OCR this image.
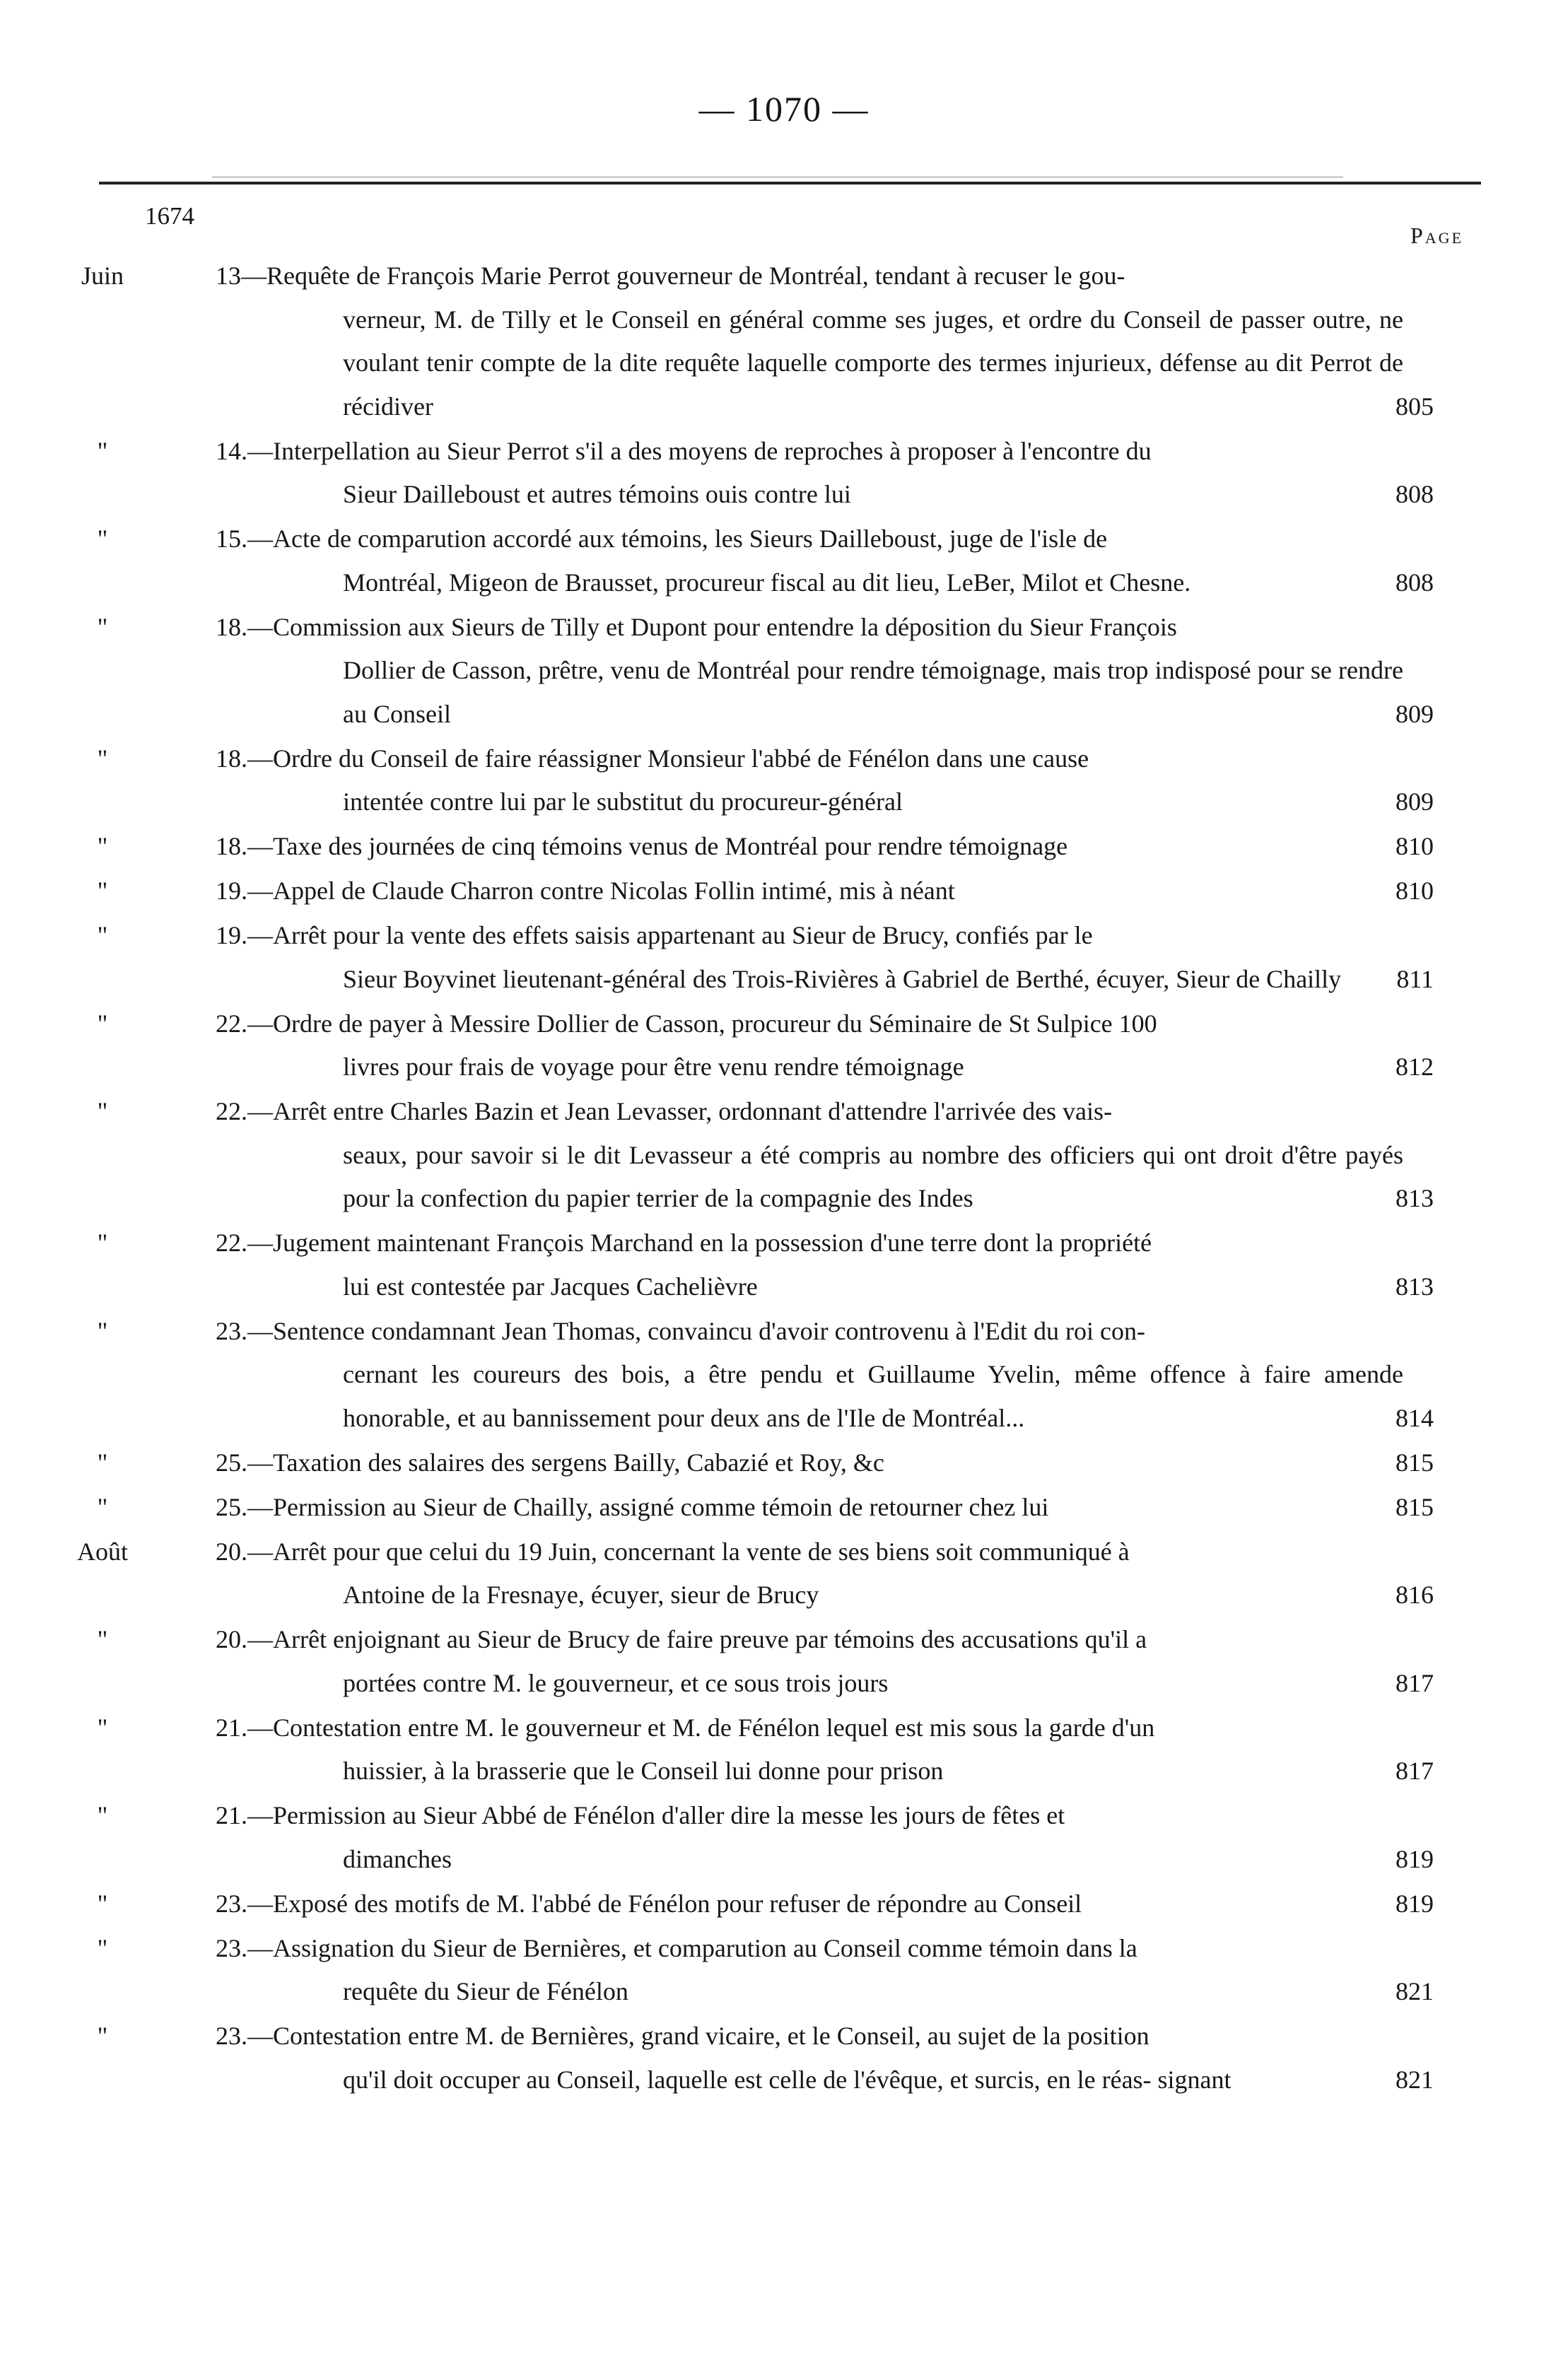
— 1070 —
1674
Page
Juin	13—Requête de François Marie Perrot gouverneur de Montréal, tendant à recuser le gou-
verneur, M. de Tilly et le Conseil en général comme ses juges, et ordre du Conseil de passer outre, ne voulant tenir compte de la dite requête laquelle comporte des termes injurieux, défense au dit Perrot de récidiver	805
"	14.—Interpellation au Sieur Perrot s'il a des moyens de reproches à proposer à l'encontre du
Sieur Dailleboust et autres témoins ouis contre lui	808
"	15.—Acte de comparution accordé aux témoins, les Sieurs Dailleboust, juge de l'isle de
Montréal, Migeon de Brausset, procureur fiscal au dit lieu, LeBer, Milot et Chesne.	808
"	18.—Commission aux Sieurs de Tilly et Dupont pour entendre la déposition du Sieur François
Dollier de Casson, prêtre, venu de Montréal pour rendre témoignage, mais trop indisposé pour se rendre au Conseil	809
"	18.—Ordre du Conseil de faire réassigner Monsieur l'abbé de Fénélon dans une cause
intentée contre lui par le substitut du procureur-général	809
"	18.—Taxe des journées de cinq témoins venus de Montréal pour rendre témoignage	810
"	19.—Appel de Claude Charron contre Nicolas Follin intimé, mis à néant	810
"	19.—Arrêt pour la vente des effets saisis appartenant au Sieur de Brucy, confiés par le
Sieur Boyvinet lieutenant-général des Trois-Rivières à Gabriel de Berthé, écuyer, Sieur de Chailly	811
"	22.—Ordre de payer à Messire Dollier de Casson, procureur du Séminaire de St Sulpice 100
livres pour frais de voyage pour être venu rendre témoignage	812
"	22.—Arrêt entre Charles Bazin et Jean Levasser, ordonnant d'attendre l'arrivée des vais-
seaux, pour savoir si le dit Levasseur a été compris au nombre des officiers qui ont droit d'être payés pour la confection du papier terrier de la compagnie des Indes	813
"	22.—Jugement maintenant François Marchand en la possession d'une terre dont la propriété
lui est contestée par Jacques Cachelièvre	813
"	23.—Sentence condamnant Jean Thomas, convaincu d'avoir controvenu à l'Edit du roi con-
cernant les coureurs des bois, a être pendu et Guillaume Yvelin, même offence à faire amende honorable, et au bannissement pour deux ans de l'Ile de Montréal...	814
"	25.—Taxation des salaires des sergens Bailly, Cabazié et Roy, &c	815
"	25.—Permission au Sieur de Chailly, assigné comme témoin de retourner chez lui	815
Août	20.—Arrêt pour que celui du 19 Juin, concernant la vente de ses biens soit communiqué à
Antoine de la Fresnaye, écuyer, sieur de Brucy	816
"	20.—Arrêt enjoignant au Sieur de Brucy de faire preuve par témoins des accusations qu'il a
portées contre M. le gouverneur, et ce sous trois jours	817
"	21.—Contestation entre M. le gouverneur et M. de Fénélon lequel est mis sous la garde d'un
huissier, à la brasserie que le Conseil lui donne pour prison	817
"	21.—Permission au Sieur Abbé de Fénélon d'aller dire la messe les jours de fêtes et
dimanches	819
"	23.—Exposé des motifs de M. l'abbé de Fénélon pour refuser de répondre au Conseil	819
"	23.—Assignation du Sieur de Bernières, et comparution au Conseil comme témoin dans la
requête du Sieur de Fénélon	821
"	23.—Contestation entre M. de Bernières, grand vicaire, et le Conseil, au sujet de la position
qu'il doit occuper au Conseil, laquelle est celle de l'évêque, et surcis, en le réas- signant	821
